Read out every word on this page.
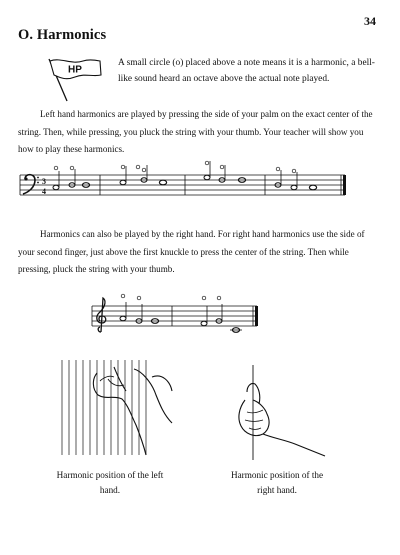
34
O. Harmonics
HP
A small circle (o) placed above a note means it is a harmonic, a bell-like sound heard an octave above the actual note played.
Left hand harmonics are played by pressing the side of your palm on the exact center of the string. Then, while pressing, you pluck the string with your thumb. Your teacher will show you how to play these harmonics.
3
4
Harmonics can also be played by the right hand. For right hand harmonics use the side of your second finger, just above the first knuckle to press the center of the string. Then while pressing, pluck the string with your thumb.
Harmonic position of the left hand.
Harmonic position of the right hand.
